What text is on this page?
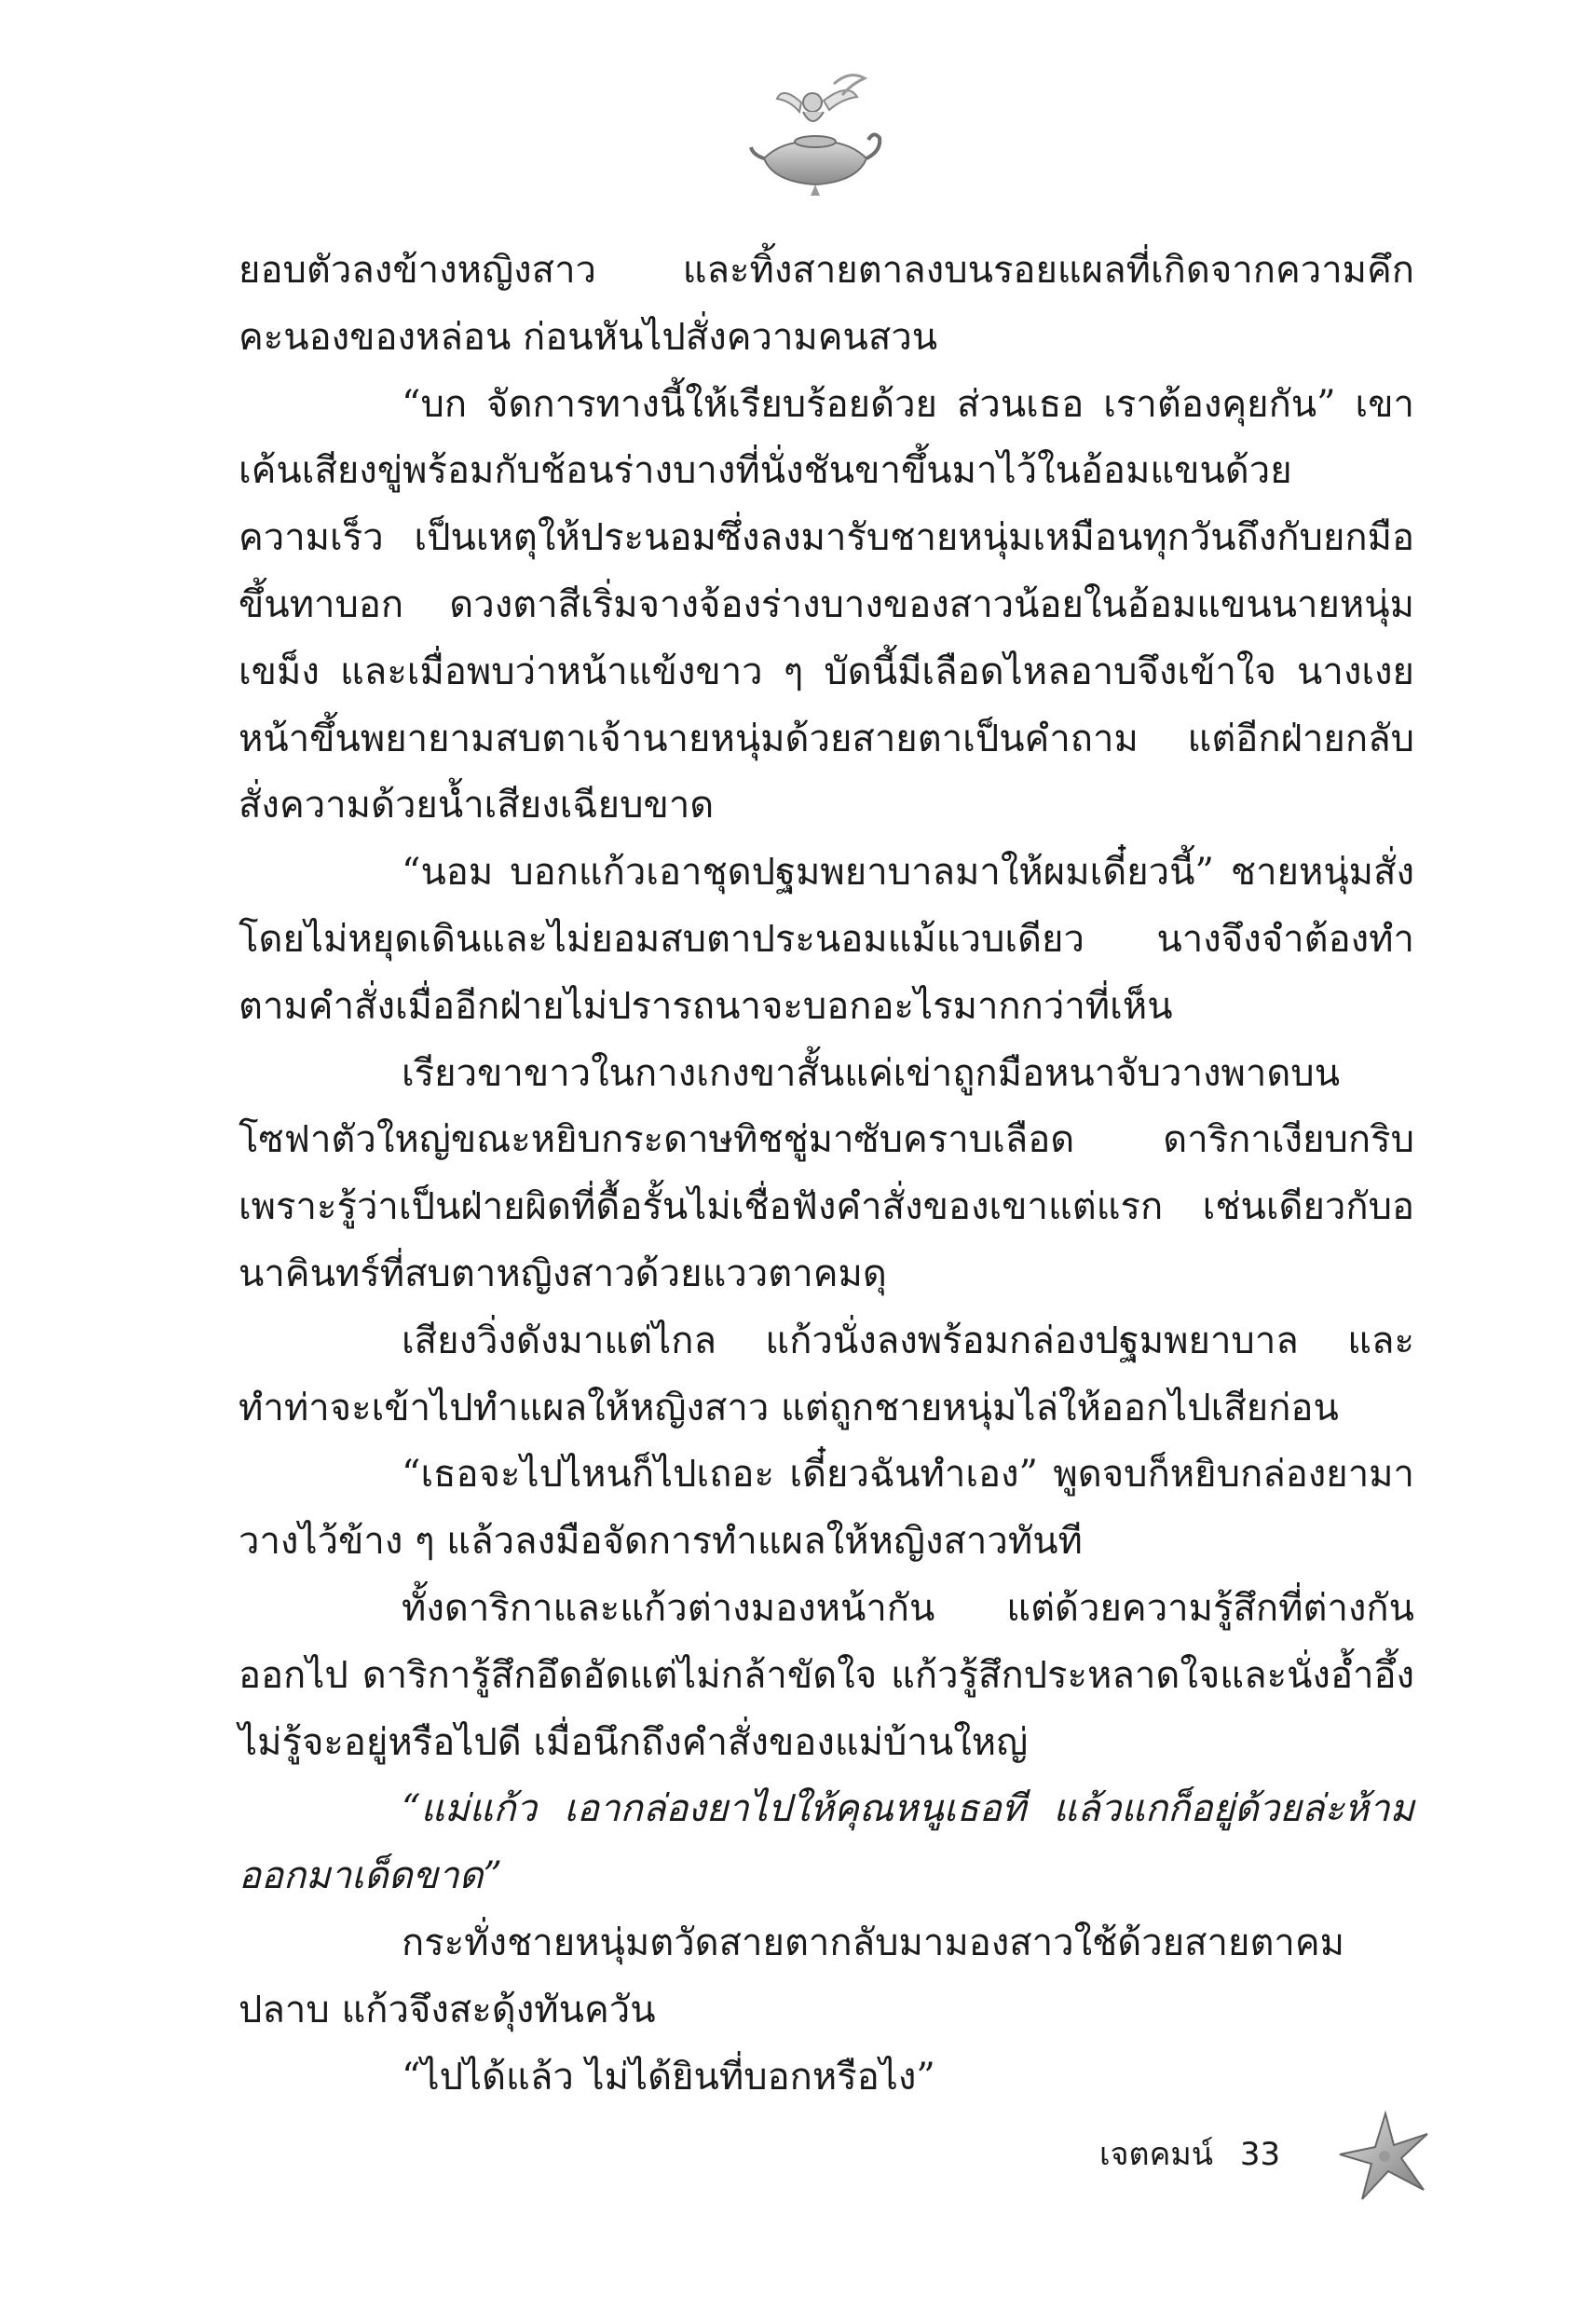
ยอบตัวลงข้างหญิงสาว และทิ้งสายตาลงบนรอยแผลที่เกิดจากความคึกคะนองของหล่อน ก่อนหันไปสั่งความคนสวน

“บก จัดการทางนี้ให้เรียบร้อยด้วย ส่วนเธอ เราต้องคุยกัน” เขาเค้นเสียงขู่พร้อมกับช้อนร่างบางที่นั่งชันขาขึ้นมาไว้ในอ้อมแขนด้วยความเร็ว เป็นเหตุให้ประนอมซึ่งลงมารับชายหนุ่มเหมือนทุกวันถึงกับยกมือขึ้นทาบอก ดวงตาสีเริ่มจางจ้องร่างบางของสาวน้อยในอ้อมแขนนายหนุ่มเขม็ง และเมื่อพบว่าหน้าแข้งขาว ๆ บัดนี้มีเลือดไหลอาบจึงเข้าใจ นางเงยหน้าขึ้นพยายามสบตาเจ้านายหนุ่มด้วยสายตาเป็นคำถาม แต่อีกฝ่ายกลับสั่งความด้วยน้ำเสียงเฉียบขาด

“นอม บอกแก้วเอาชุดปฐมพยาบาลมาให้ผมเดี๋ยวนี้” ชายหนุ่มสั่งโดยไม่หยุดเดินและไม่ยอมสบตาประนอมแม้แวบเดียว นางจึงจำต้องทำตามคำสั่งเมื่ออีกฝ่ายไม่ปรารถนาจะบอกอะไรมากกว่าที่เห็น

เรียวขาขาวในกางเกงขาสั้นแค่เข่าถูกมือหนาจับวางพาดบนโซฟาตัวใหญ่ขณะหยิบกระดาษทิชชู่มาซับคราบเลือด ดาริกาเงียบกริบ เพราะรู้ว่าเป็นฝ่ายผิดที่ดื้อรั้นไม่เชื่อฟังคำสั่งของเขาแต่แรก เช่นเดียวกับอนาคินทร์ที่สบตาหญิงสาวด้วยแววตาคมดุ

เสียงวิ่งดังมาแต่ไกล แก้วนั่งลงพร้อมกล่องปฐมพยาบาล และทำท่าจะเข้าไปทำแผลให้หญิงสาว แต่ถูกชายหนุ่มไล่ให้ออกไปเสียก่อน

“เธอจะไปไหนก็ไปเถอะ เดี๋ยวฉันทำเอง” พูดจบก็หยิบกล่องยามาวางไว้ข้าง ๆ แล้วลงมือจัดการทำแผลให้หญิงสาวทันที

ทั้งดาริกาและแก้วต่างมองหน้ากัน แต่ด้วยความรู้สึกที่ต่างกันออกไป ดาริการู้สึกอึดอัดแต่ไม่กล้าขัดใจ แก้วรู้สึกประหลาดใจและนั่งอ้ำอึ้งไม่รู้จะอยู่หรือไปดี เมื่อนึกถึงคำสั่งของแม่บ้านใหญ่

“แม่แก้ว เอากล่องยาไปให้คุณหนูเธอที แล้วแกก็อยู่ด้วยล่ะห้ามออกมาเด็ดขาด”

กระทั่งชายหนุ่มตวัดสายตากลับมามองสาวใช้ด้วยสายตาคมปลาบ แก้วจึงสะดุ้งทันควัน

“ไปได้แล้ว ไม่ได้ยินที่บอกหรือไง”

เจตคมน์ 33
